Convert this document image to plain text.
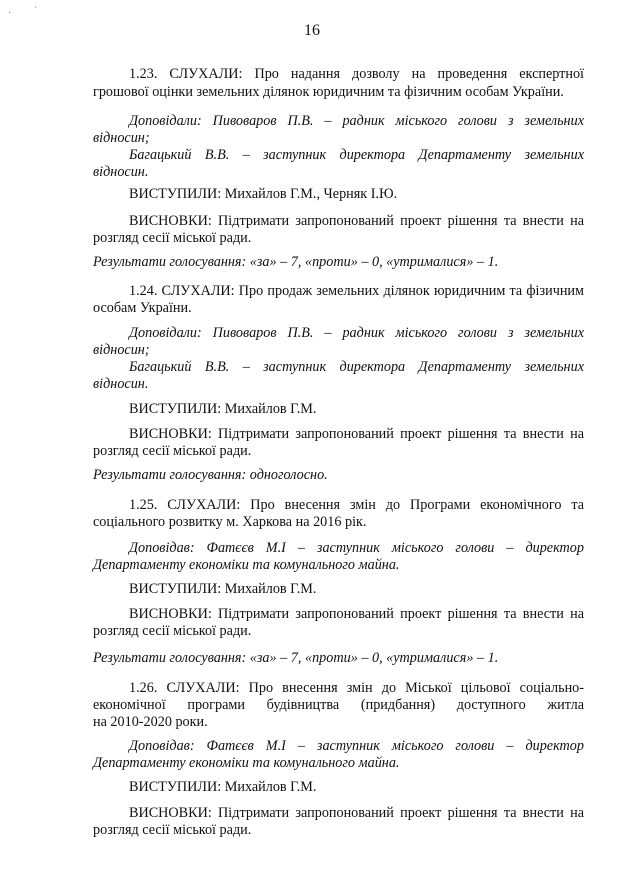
· `
16
1.23. СЛУХАЛИ: Про надання дозволу на проведення експертної
грошової оцінки земельних ділянок юридичним та фізичним особам України.
Доповідали: Пивоваров П.В. – радник міського голови з земельних
відносин;
Багацький В.В. – заступник директора Департаменту земельних
відносин.
ВИСТУПИЛИ: Михайлов Г.М., Черняк І.Ю.
ВИСНОВКИ: Підтримати запропонований проект рішення та внести на
розгляд сесії міської ради.
Результати голосування: «за» – 7, «проти» – 0, «утрималися» – 1.
1.24. СЛУХАЛИ: Про продаж земельних ділянок юридичним та фізичним
особам України.
Доповідали: Пивоваров П.В. – радник міського голови з земельних
відносин;
Багацький В.В. – заступник директора Департаменту земельних
відносин.
ВИСТУПИЛИ: Михайлов Г.М.
ВИСНОВКИ: Підтримати запропонований проект рішення та внести на
розгляд сесії міської ради.
Результати голосування: одноголосно.
1.25. СЛУХАЛИ: Про внесення змін до Програми економічного та
соціального розвитку м. Харкова на 2016 рік.
Доповідав: Фатєєв М.І – заступник міського голови – директор
Департаменту економіки та комунального майна.
ВИСТУПИЛИ: Михайлов Г.М.
ВИСНОВКИ: Підтримати запропонований проект рішення та внести на
розгляд сесії міської ради.
Результати голосування: «за» – 7, «проти» – 0, «утрималися» – 1.
1.26. СЛУХАЛИ: Про внесення змін до Міської цільової соціально-
економічної програми будівництва (придбання) доступного житла
на 2010-2020 роки.
Доповідав: Фатєєв М.І – заступник міського голови – директор
Департаменту економіки та комунального майна.
ВИСТУПИЛИ: Михайлов Г.М.
ВИСНОВКИ: Підтримати запропонований проект рішення та внести на
розгляд сесії міської ради.
